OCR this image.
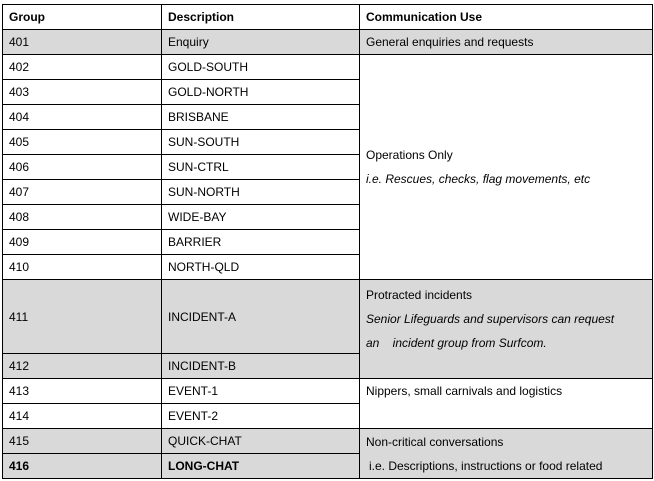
Group	Description	Communication Use
401	Enquiry	General enquiries and requests
402	GOLD-SOUTH	Operations Only
i.e. Rescues, checks, flag movements, etc

403	GOLD-NORTH	
404	BRISBANE	
405	SUN-SOUTH	
406	SUN-CTRL	
407	SUN-NORTH	
408	WIDE-BAY	
409	BARRIER	
410	NORTH-QLD	
411	INCIDENT-A	Protracted incidents
Senior Lifeguards and supervisors can request
an    incident group from Surfcom.

412	INCIDENT-B	
413	EVENT-1	Nippers, small carnivals and logistics

414	EVENT-2	
415	QUICK-CHAT	Non-critical conversations
i.e. Descriptions, instructions or food related

416	LONG-CHAT	
